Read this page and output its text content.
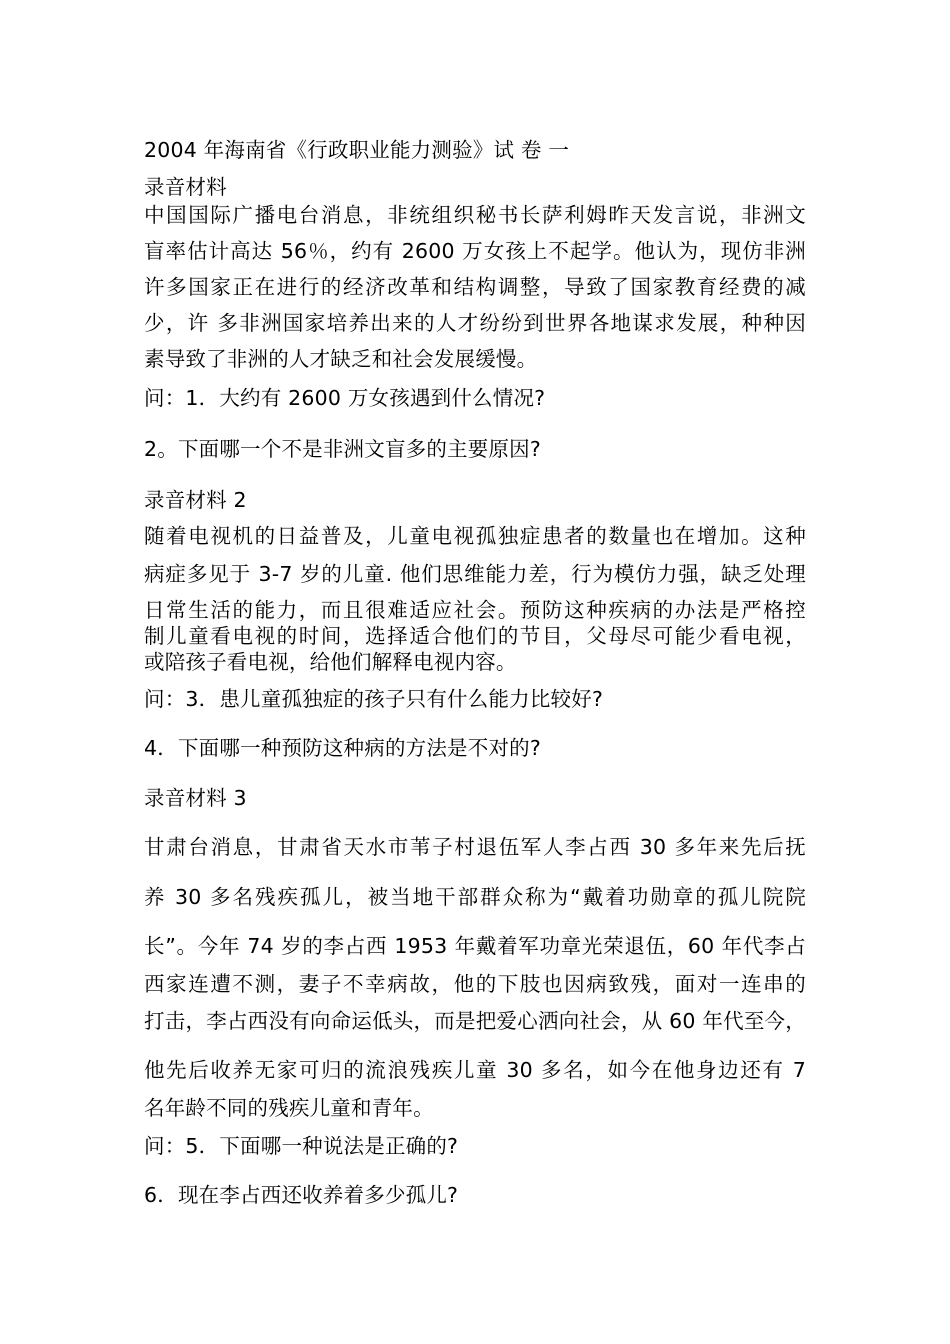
2004 年海南省《行政职业能力测验》试 卷 一

录音材料

中国国际广播电台消息，非统组织秘书长萨利姆昨天发言说，非洲文

盲率估计高达 56％，约有 2600 万女孩上不起学。他认为，现仿非洲

许多国家正在进行的经济改革和结构调整，导致了国家教育经费的减

少，许 多非洲国家培养出来的人才纷纷到世界各地谋求发展，种种因

素导致了非洲的人才缺乏和社会发展缓慢。

问：1．大约有 2600 万女孩遇到什么情况?

2。下面哪一个不是非洲文盲多的主要原因?

录音材料 2

随着电视机的日益普及，儿童电视孤独症患者的数量也在增加。这种

病症多见于 3-7 岁的儿童. 他们思维能力差，行为模仿力强，缺乏处理

日常生活的能力，而且很难适应社会。预防这种疾病的办法是严格控

制儿童看电视的时间，选择适合他们的节目，父母尽可能少看电视，

或陪孩子看电视，给他们解释电视内容。

问：3．患儿童孤独症的孩子只有什么能力比较好?

4．下面哪一种预防这种病的方法是不对的?

录音材料 3

甘肃台消息，甘肃省天水市苇子村退伍军人李占西 30 多年来先后抚

养 30 多名残疾孤儿，被当地干部群众称为“戴着功勋章的孤儿院院

长”。今年 74 岁的李占西 1953 年戴着军功章光荣退伍，60 年代李占

西家连遭不测，妻子不幸病故，他的下肢也因病致残，面对一连串的

打击，李占西没有向命运低头，而是把爱心洒向社会，从 60 年代至今，

他先后收养无家可归的流浪残疾儿童 30 多名，如今在他身边还有 7

名年龄不同的残疾儿童和青年。

问：5．下面哪一种说法是正确的?

6．现在李占西还收养着多少孤儿?
